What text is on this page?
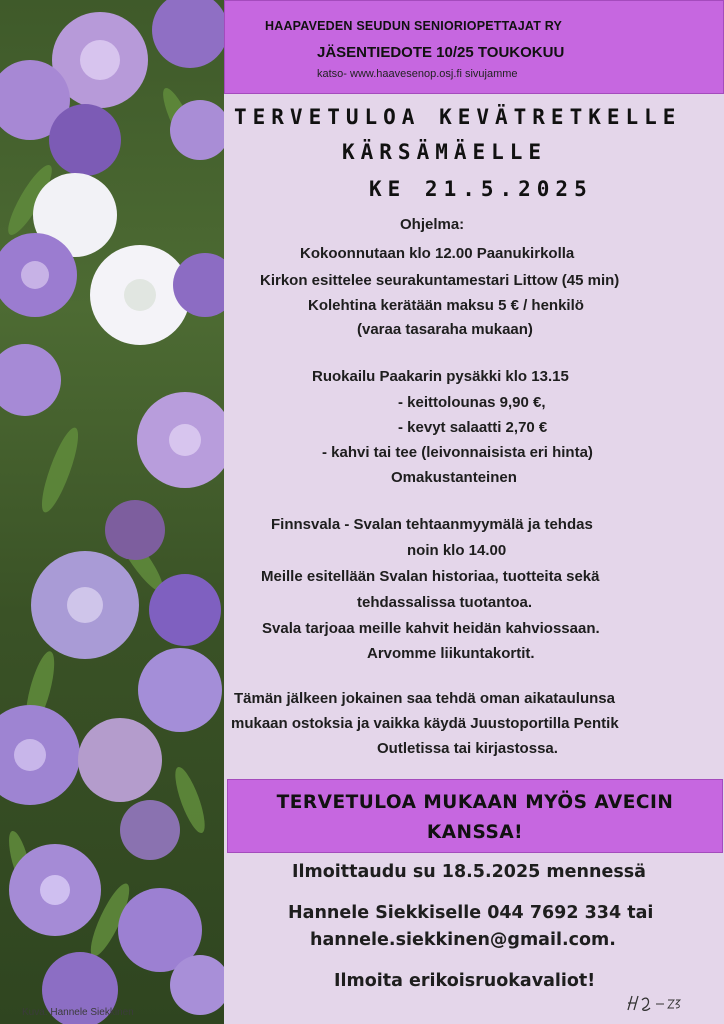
Kuva: Hannele Siekkinen
HAAPAVEDEN SEUDUN SENIORIOPETTAJAT RY
JÄSENTIEDOTE 10/25 TOUKOKUU
katso- www.haavesenop.osj.fi sivujamme
TERVETULOA KEVÄTRETKELLE
KÄRSÄMÄELLE
KE 21.5.2025
Ohjelma:
Kokoonnutaan klo 12.00 Paanukirkolla
Kirkon esittelee seurakuntamestari Littow (45 min)
Kolehtina kerätään maksu 5 € / henkilö
(varaa tasaraha mukaan)
Ruokailu Paakarin pysäkki klo 13.15
- keittolounas 9,90 €,
- kevyt salaatti 2,70 €
- kahvi tai tee (leivonnaisista eri hinta)
Omakustanteinen
Finnsvala - Svalan tehtaanmyymälä ja tehdas
noin klo 14.00
Meille esitellään Svalan historiaa, tuotteita sekä
tehdassalissa tuotantoa.
Svala tarjoaa meille kahvit heidän kahviossaan.
Arvomme liikuntakortit.
Tämän jälkeen jokainen saa tehdä oman aikataulunsa
mukaan ostoksia ja vaikka käydä Juustoportilla Pentik
Outletissa tai kirjastossa.
TERVETULOA MUKAAN MYÖS AVECIN
KANSSA!
Ilmoittaudu su 18.5.2025 mennessä
Hannele Siekkiselle 044 7692 334 tai
hannele.siekkinen@gmail.com.
Ilmoita erikoisruokavaliot!
